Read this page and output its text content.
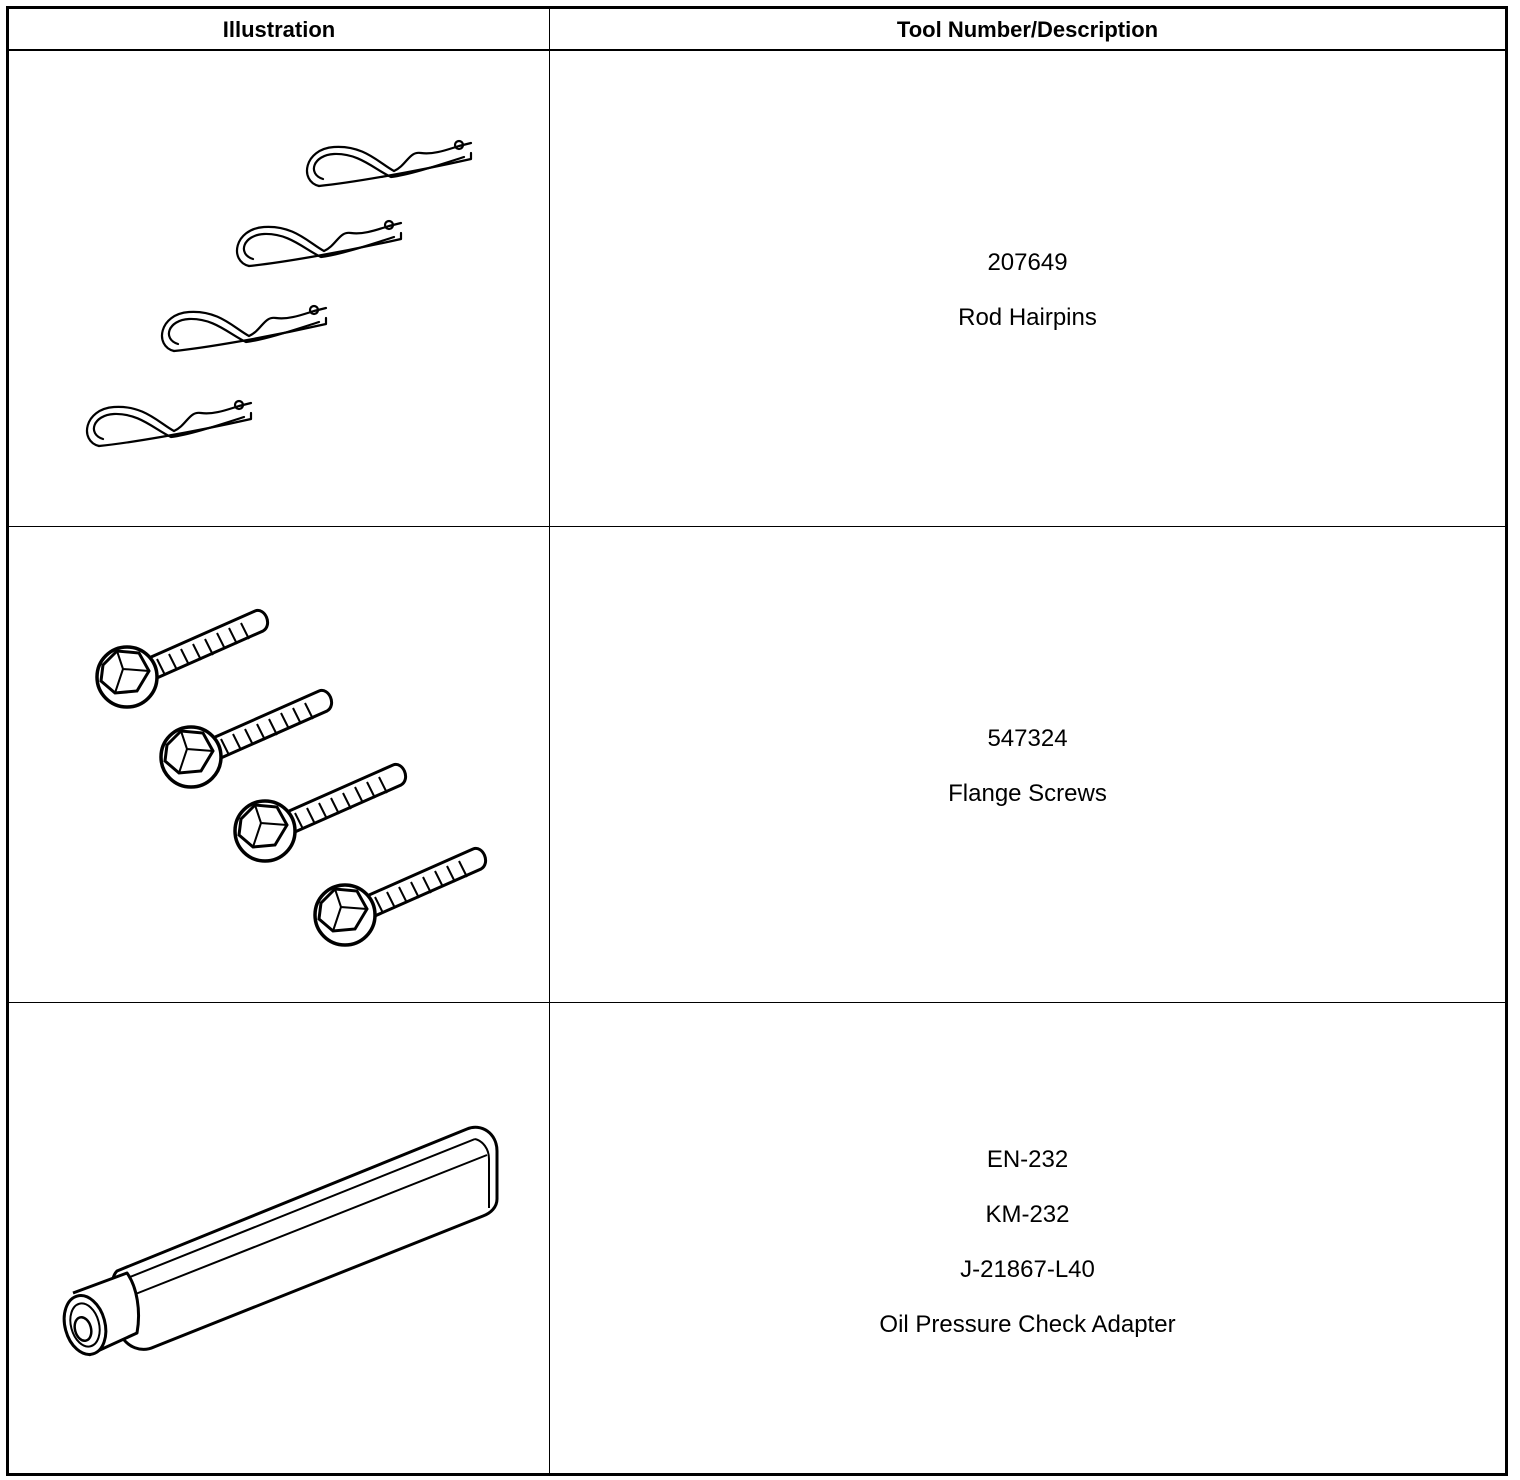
Illustration	Tool Number/Description
207649
Rod Hairpins
547324
Flange Screws
EN-232
KM-232
J-21867-L40
Oil Pressure Check Adapter
